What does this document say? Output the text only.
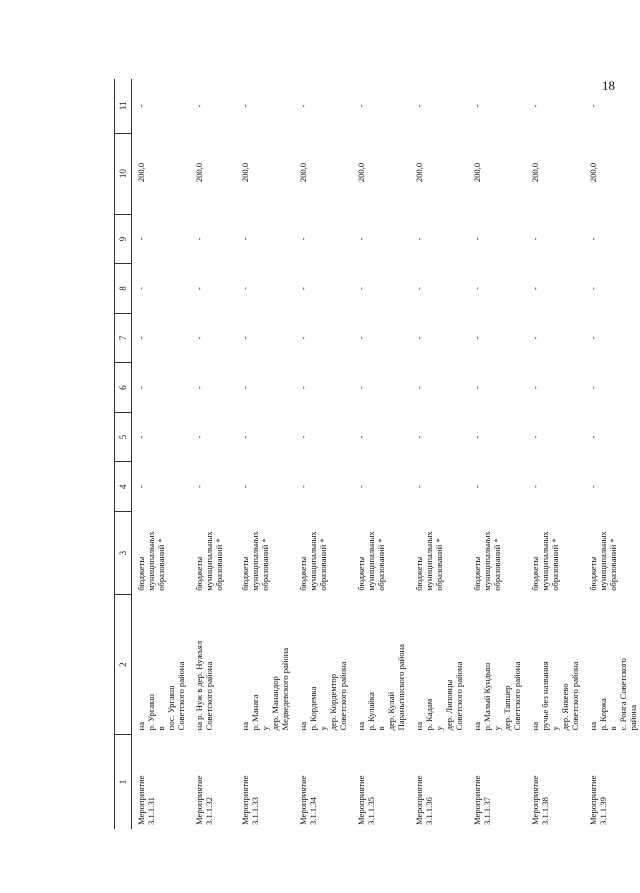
18
1	2	3	4	5	6	7	8	9	10	11

Мероприятие 3.1.1.31	на р. Ургакш в пос. Ургакш Советского района	бюджеты муниципальных образований *	-	-	-	-	-	-	200,0	-

Мероприятие 3.1.1.32	на р. Нуж в дер. Нужъял Советского района	бюджеты муниципальных образований *	-	-	-	-	-	-	200,0	-

Мероприятие 3.1.1.33	на р. Манага у дер. Манандор Медведевского района	бюджеты муниципальных образований *	-	-	-	-	-	-	200,0	-

Мероприятие 3.1.1.34	на р. Кордемка у дер. Кордемтор Советского района	бюджеты муниципальных образований *	-	-	-	-	-	-	200,0	-

Мероприятие 3.1.1.35	на р. Кулайка в дер. Кулай Параньгинского района	бюджеты муниципальных образований *	-	-	-	-	-	-	200,0	-

Мероприятие 3.1.1.36	на р. Кадам у дер. Липовцы Советского района	бюджеты муниципальных образований *	-	-	-	-	-	-	200,0	-

Мероприятие 3.1.1.37	на р. Малый Кундыш у дер. Тапшер Советского района	бюджеты муниципальных образований *	-	-	-	-	-	-	200,0	-

Мероприятие 3.1.1.38	на ручье без названия у дер. Янкеево Советского района	бюджеты муниципальных образований *	-	-	-	-	-	-	200,0	-

Мероприятие 3.1.1.39	на р. Коржа в с. Ронга Советского района	бюджеты муниципальных образований *	-	-	-	-	-	-	200,0	-
